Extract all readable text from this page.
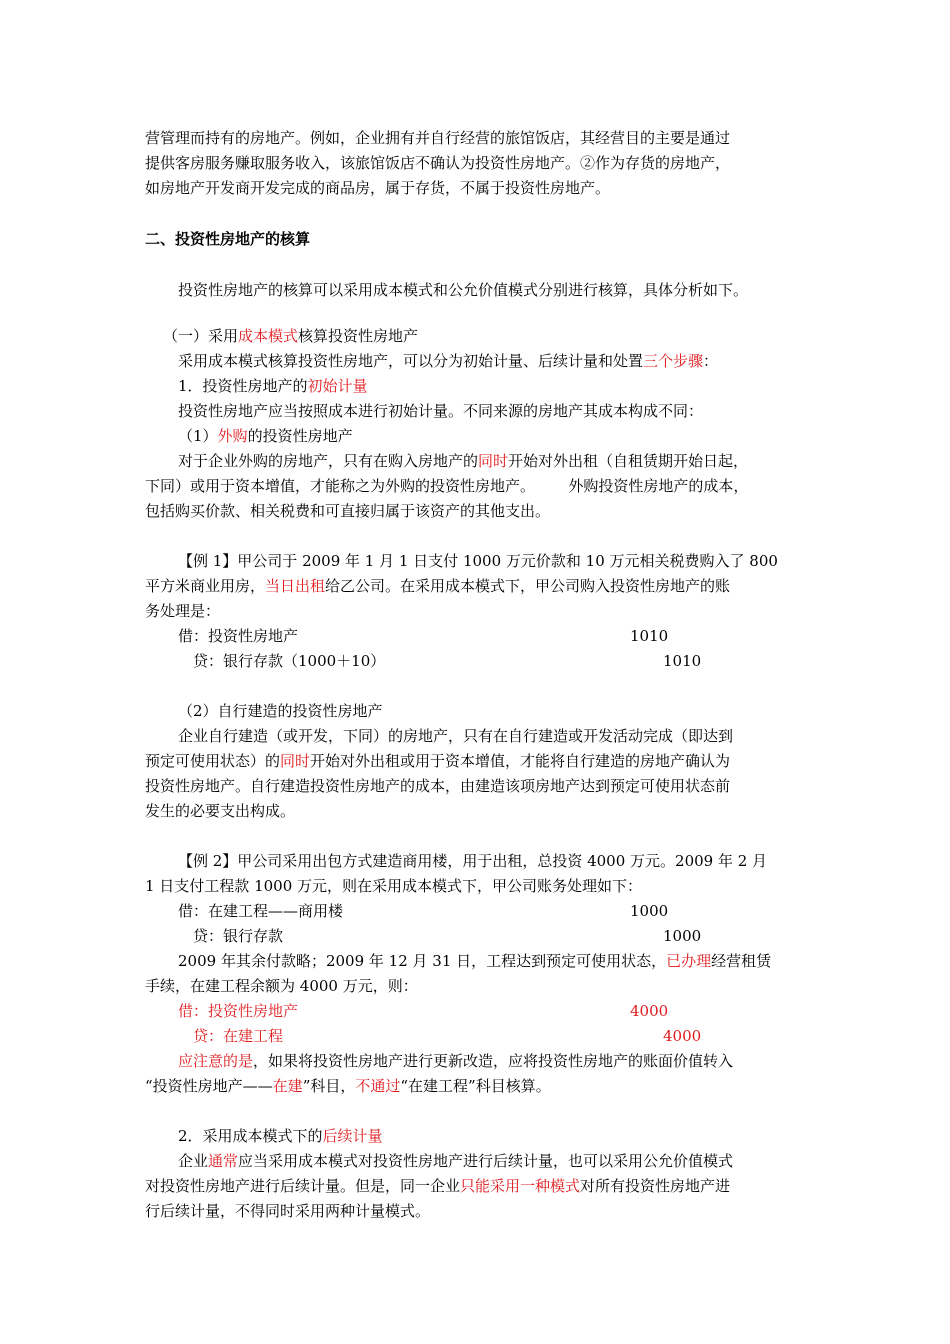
营管理而持有的房地产。例如，企业拥有并自行经营的旅馆饭店，其经营目的主要是通过
提供客房服务赚取服务收入，该旅馆饭店不确认为投资性房地产。②作为存货的房地产，
如房地产开发商开发完成的商品房，属于存货，不属于投资性房地产。
二、投资性房地产的核算
投资性房地产的核算可以采用成本模式和公允价值模式分别进行核算，具体分析如下。
（一）采用成本模式核算投资性房地产
采用成本模式核算投资性房地产，可以分为初始计量、后续计量和处置三个步骤：
1．投资性房地产的初始计量
投资性房地产应当按照成本进行初始计量。不同来源的房地产其成本构成不同：
（1）外购的投资性房地产
对于企业外购的房地产，只有在购入房地产的同时开始对外出租（自租赁期开始日起，
下同）或用于资本增值，才能称之为外购的投资性房地产。       外购投资性房地产的成本，
包括购买价款、相关税费和可直接归属于该资产的其他支出。
【例 1】甲公司于 2009 年 1 月 1 日支付 1000 万元价款和 10 万元相关税费购入了 800
平方米商业用房，当日出租给乙公司。在采用成本模式下，甲公司购入投资性房地产的账
务处理是：
借：投资性房地产	1010
贷：银行存款（1000＋10）	1010
（2）自行建造的投资性房地产
企业自行建造（或开发，下同）的房地产，只有在自行建造或开发活动完成（即达到
预定可使用状态）的同时开始对外出租或用于资本增值，才能将自行建造的房地产确认为
投资性房地产。自行建造投资性房地产的成本，由建造该项房地产达到预定可使用状态前
发生的必要支出构成。
【例 2】甲公司采用出包方式建造商用楼，用于出租，总投资 4000 万元。2009 年 2 月
1 日支付工程款 1000 万元，则在采用成本模式下，甲公司账务处理如下：
借：在建工程——商用楼	1000
贷：银行存款	1000
2009 年其余付款略；2009 年 12 月 31 日，工程达到预定可使用状态，已办理经营租赁
手续，在建工程余额为 4000 万元，则：
借：投资性房地产	4000
贷：在建工程	4000
应注意的是，如果将投资性房地产进行更新改造，应将投资性房地产的账面价值转入
“投资性房地产——在建”科目，不通过“在建工程”科目核算。
2．采用成本模式下的后续计量
企业通常应当采用成本模式对投资性房地产进行后续计量，也可以采用公允价值模式
对投资性房地产进行后续计量。但是，同一企业只能采用一种模式对所有投资性房地产进
行后续计量，不得同时采用两种计量模式。
